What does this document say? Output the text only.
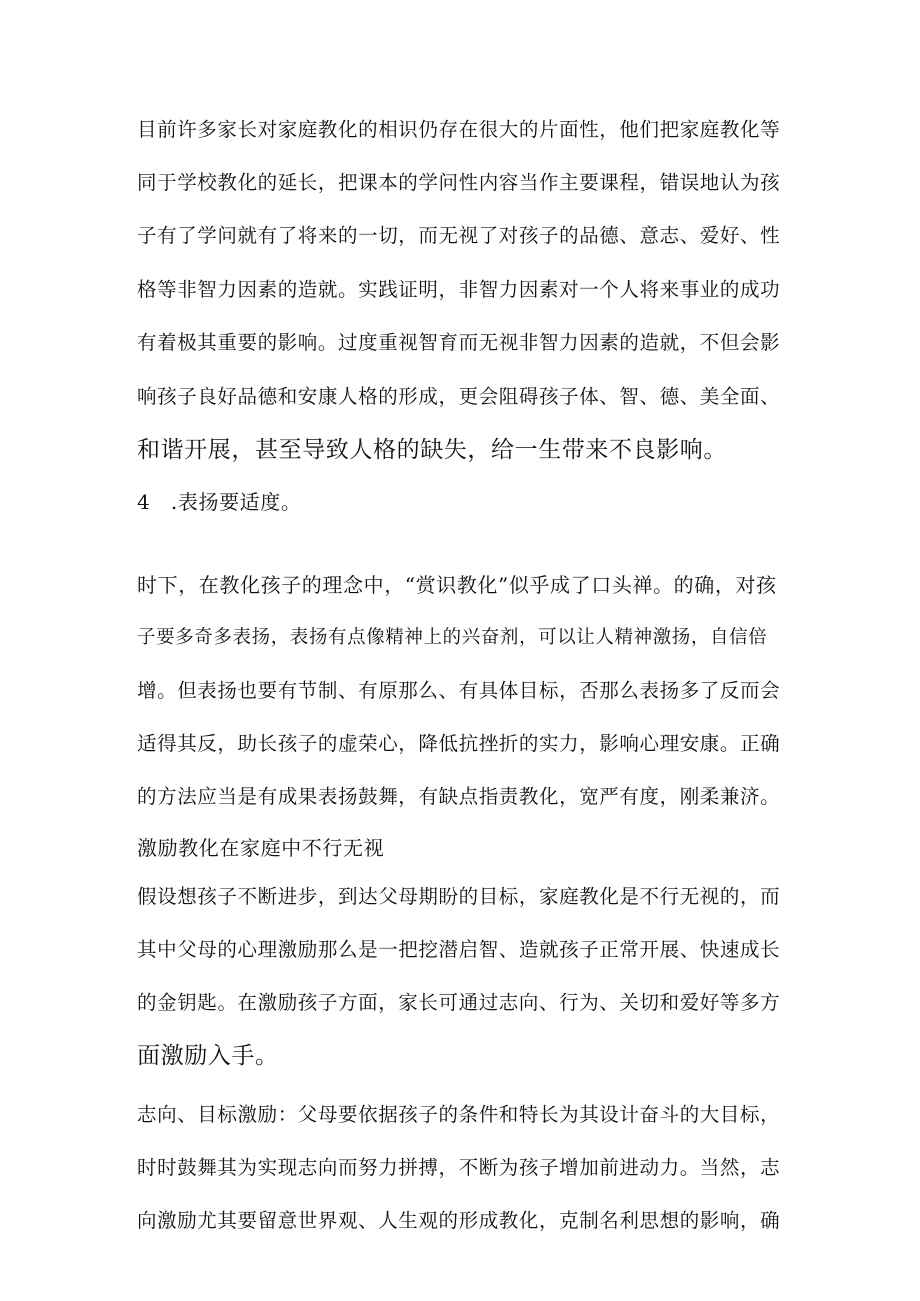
目前许多家长对家庭教化的相识仍存在很大的片面性，他们把家庭教化等
同于学校教化的延长，把课本的学问性内容当作主要课程，错误地认为孩
子有了学问就有了将来的一切，而无视了对孩子的品德、意志、爱好、性
格等非智力因素的造就。实践证明，非智力因素对一个人将来事业的成功
有着极其重要的影响。过度重视智育而无视非智力因素的造就，不但会影
响孩子良好品德和安康人格的形成，更会阻碍孩子体、智、德、美全面、
和谐开展，甚至导致人格的缺失，给一生带来不良影响。
4　.表扬要适度。
时下，在教化孩子的理念中，“赏识教化”似乎成了口头禅。的确，对孩
子要多奇多表扬，表扬有点像精神上的兴奋剂，可以让人精神激扬，自信倍
增。但表扬也要有节制、有原那么、有具体目标，否那么表扬多了反而会
适得其反，助长孩子的虚荣心，降低抗挫折的实力，影响心理安康。正确
的方法应当是有成果表扬鼓舞，有缺点指责教化，宽严有度，刚柔兼济。
激励教化在家庭中不行无视
假设想孩子不断进步，到达父母期盼的目标，家庭教化是不行无视的，而
其中父母的心理激励那么是一把挖潜启智、造就孩子正常开展、快速成长
的金钥匙。在激励孩子方面，家长可通过志向、行为、关切和爱好等多方
面激励入手。
志向、目标激励：父母要依据孩子的条件和特长为其设计奋斗的大目标，
时时鼓舞其为实现志向而努力拼搏，不断为孩子增加前进动力。当然，志
向激励尤其要留意世界观、人生观的形成教化，克制名利思想的影响，确
